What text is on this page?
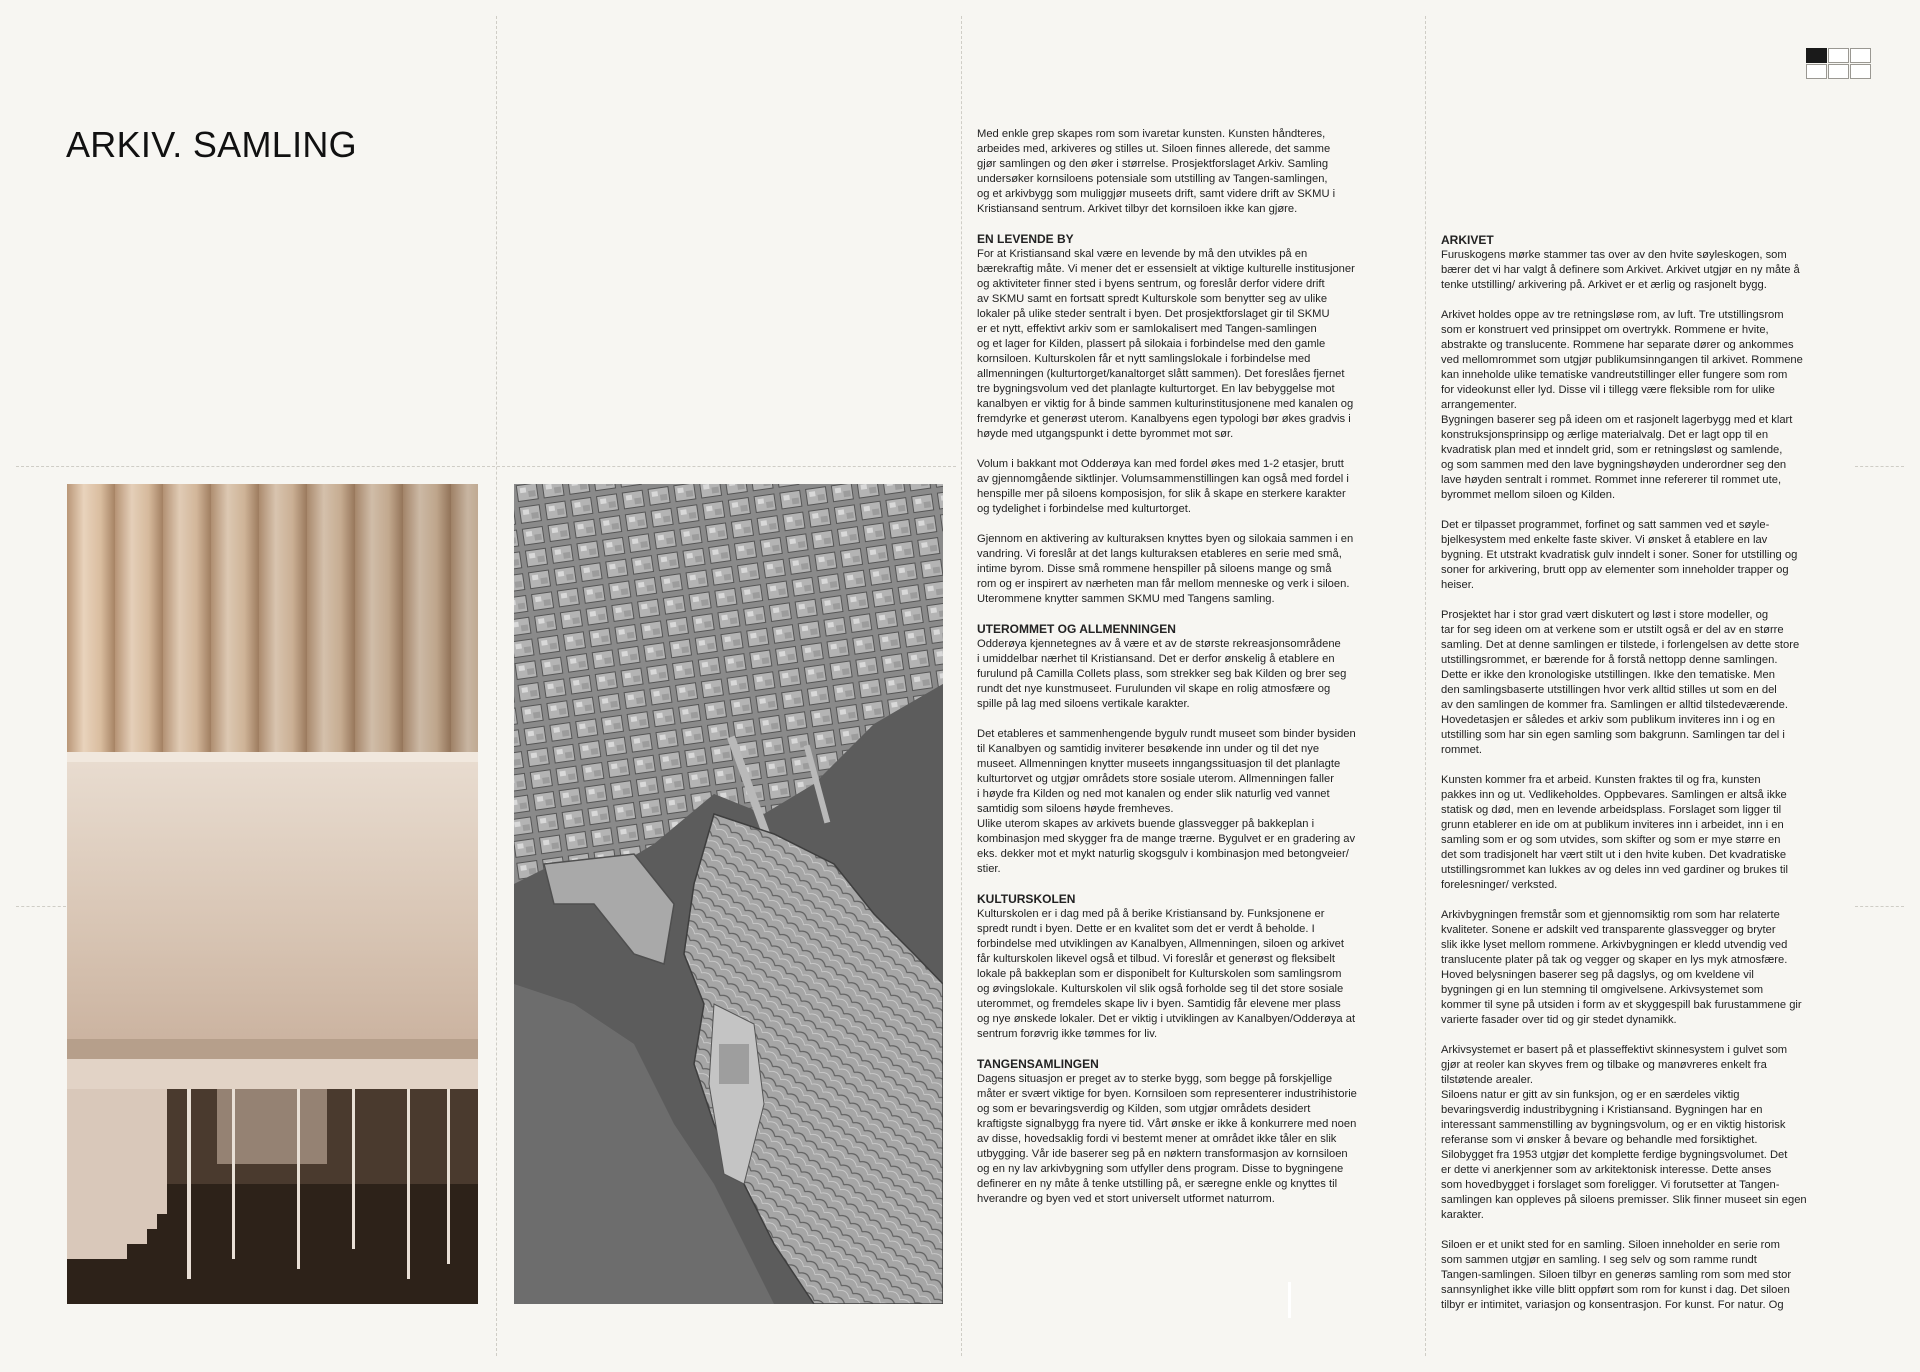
ARKIV. SAMLING	Med enkle grep skapes rom som ivaretar kunsten. Kunsten håndteres,
arbeides med, arkiveres og stilles ut. Siloen finnes allerede, det samme
gjør samlingen og den øker i størrelse. Prosjektforslaget Arkiv. Samling
undersøker kornsiloens potensiale som utstilling av Tangen-samlingen,
og et arkivbygg som muliggjør museets drift, samt videre drift av SKMU i
Kristiansand sentrum. Arkivet tilbyr det kornsiloen ikke kan gjøre.

EN LEVENDE BY

For at Kristiansand skal være en levende by må den utvikles på en
bærekraftig måte. Vi mener det er essensielt at viktige kulturelle institusjoner
og aktiviteter finner sted i byens sentrum, og foreslår derfor videre drift
av SKMU samt en fortsatt spredt Kulturskole som benytter seg av ulike
lokaler på ulike steder sentralt i byen. Det prosjektforslaget gir til SKMU
er et nytt, effektivt arkiv som er samlokalisert med Tangen-samlingen
og et lager for Kilden, plassert på silokaia i forbindelse med den gamle
kornsiloen. Kulturskolen får et nytt samlingslokale i forbindelse med
allmenningen (kulturtorget/kanaltorget slått sammen). Det foreslåes fjernet
tre bygningsvolum ved det planlagte kulturtorget. En lav bebyggelse mot
kanalbyen er viktig for å binde sammen kulturinstitusjonene med kanalen og
fremdyrke et generøst uterom. Kanalbyens egen typologi bør økes gradvis i
høyde med utgangspunkt i dette byrommet mot sør.

Volum i bakkant mot Odderøya kan med fordel økes med 1-2 etasjer, brutt
av gjennomgående siktlinjer. Volumsammenstillingen kan også med fordel i
henspille mer på siloens komposisjon, for slik å skape en sterkere karakter
og tydelighet i forbindelse med kulturtorget.

Gjennom en aktivering av kulturaksen knyttes byen og silokaia sammen i en
vandring. Vi foreslår at det langs kulturaksen etableres en serie med små,
intime byrom. Disse små rommene henspiller på siloens mange og små
rom og er inspirert av nærheten man får mellom menneske og verk i siloen.
Uterommene knytter sammen SKMU med Tangens samling.

UTEROMMET OG ALLMENNINGEN

Odderøya kjennetegnes av å være et av de største rekreasjonsområdene
i umiddelbar nærhet til Kristiansand. Det er derfor ønskelig å etablere en
furulund på Camilla Collets plass, som strekker seg bak Kilden og brer seg
rundt det nye kunstmuseet. Furulunden vil skape en rolig atmosfære og
spille på lag med siloens vertikale karakter.

Det etableres et sammenhengende bygulv rundt museet som binder bysiden
til Kanalbyen og samtidig inviterer besøkende inn under og til det nye
museet. Allmenningen knytter museets inngangssituasjon til det planlagte
kulturtorvet og utgjør områdets store sosiale uterom. Allmenningen faller
i høyde fra Kilden og ned mot kanalen og ender slik naturlig ved vannet
samtidig som siloens høyde fremheves.
Ulike uterom skapes av arkivets buende glassvegger på bakkeplan i
kombinasjon med skygger fra de mange trærne. Bygulvet er en gradering av
eks. dekker mot et mykt naturlig skogsgulv i kombinasjon med betongveier/
stier.

KULTURSKOLEN

Kulturskolen er i dag med på å berike Kristiansand by. Funksjonene er
spredt rundt i byen. Dette er en kvalitet som det er verdt å beholde. I
forbindelse med utviklingen av Kanalbyen, Allmenningen, siloen og arkivet
får kulturskolen likevel også et tilbud. Vi foreslår et generøst og fleksibelt
lokale på bakkeplan som er disponibelt for Kulturskolen som samlingsrom
og øvingslokale. Kulturskolen vil slik også forholde seg til det store sosiale
uterommet, og fremdeles skape liv i byen. Samtidig får elevene mer plass
og nye ønskede lokaler. Det er viktig i utviklingen av Kanalbyen/Odderøya at
sentrum forøvrig ikke tømmes for liv.

TANGENSAMLINGEN

Dagens situasjon er preget av to sterke bygg, som begge på forskjellige
måter er svært viktige for byen. Kornsiloen som representerer industrihistorie
og som er bevaringsverdig og Kilden, som utgjør områdets desidert
kraftigste signalbygg fra nyere tid. Vårt ønske er ikke å konkurrere med noen
av disse, hovedsaklig fordi vi bestemt mener at området ikke tåler en slik
utbygging. Vår ide baserer seg på en nøktern transformasjon av kornsiloen
og en ny lav arkivbygning som utfyller dens program. Disse to bygningene
definerer en ny måte å tenke utstilling på, er særegne enkle og knyttes til
hverandre og byen ved et stort universelt utformet naturrom.

ARKIVET

Furuskogens mørke stammer tas over av den hvite søyleskogen, som
bærer det vi har valgt å definere som Arkivet. Arkivet utgjør en ny måte å
tenke utstilling/ arkivering på. Arkivet er et ærlig og rasjonelt bygg.

Arkivet holdes oppe av tre retningsløse rom, av luft. Tre utstillingsrom
som er konstruert ved prinsippet om overtrykk. Rommene er hvite,
abstrakte og translucente. Rommene har separate dører og ankommes
ved mellomrommet som utgjør publikumsinngangen til arkivet. Rommene
kan inneholde ulike tematiske vandreutstillinger eller fungere som rom
for videokunst eller lyd. Disse vil i tillegg være fleksible rom for ulike
arrangementer.
Bygningen baserer seg på ideen om et rasjonelt lagerbygg med et klart
konstruksjonsprinsipp og ærlige materialvalg. Det er lagt opp til en
kvadratisk plan med et inndelt grid, som er retningsløst og samlende,
og som sammen med den lave bygningshøyden underordner seg den
lave høyden sentralt i rommet. Rommet inne refererer til rommet ute,
byrommet mellom siloen og Kilden.

Det er tilpasset programmet, forfinet og satt sammen ved et søyle-
bjelkesystem med enkelte faste skiver. Vi ønsket å etablere en lav
bygning. Et utstrakt kvadratisk gulv inndelt i soner. Soner for utstilling og
soner for arkivering, brutt opp av elementer som inneholder trapper og
heiser.

Prosjektet har i stor grad vært diskutert og løst i store modeller, og
tar for seg ideen om at verkene som er utstilt også er del av en større
samling. Det at denne samlingen er tilstede, i forlengelsen av dette store
utstillingsrommet, er bærende for å forstå nettopp denne samlingen.
Dette er ikke den kronologiske utstillingen. Ikke den tematiske. Men
den samlingsbaserte utstillingen hvor verk alltid stilles ut som en del
av den samlingen de kommer fra. Samlingen er alltid tilstedeværende.
Hovedetasjen er således et arkiv som publikum inviteres inn i og en
utstilling som har sin egen samling som bakgrunn. Samlingen tar del i
rommet.

Kunsten kommer fra et arbeid. Kunsten fraktes til og fra, kunsten
pakkes inn og ut. Vedlikeholdes. Oppbevares. Samlingen er altså ikke
statisk og død, men en levende arbeidsplass. Forslaget som ligger til
grunn etablerer en ide om at publikum inviteres inn i arbeidet, inn i en
samling som er og som utvides, som skifter og som er mye større en
det som tradisjonelt har vært stilt ut i den hvite kuben. Det kvadratiske
utstillingsrommet kan lukkes av og deles inn ved gardiner og brukes til
forelesninger/ verksted.

Arkivbygningen fremstår som et gjennomsiktig rom som har relaterte
kvaliteter. Sonene er adskilt ved transparente glassvegger og bryter
slik ikke lyset mellom rommene. Arkivbygningen er kledd utvendig ved
translucente plater på tak og vegger og skaper en lys myk atmosfære.
Hoved belysningen baserer seg på dagslys, og om kveldene vil
bygningen gi en lun stemning til omgivelsene. Arkivsystemet som
kommer til syne på utsiden i form av et skyggespill bak furustammene gir
varierte fasader over tid og gir stedet dynamikk.

Arkivsystemet er basert på et plasseffektivt skinnesystem i gulvet som
gjør at reoler kan skyves frem og tilbake og manøvreres enkelt fra
tilstøtende arealer.
Siloens natur er gitt av sin funksjon, og er en særdeles viktig
bevaringsverdig industribygning i Kristiansand. Bygningen har en
interessant sammenstilling av bygningsvolum, og er en viktig historisk
referanse som vi ønsker å bevare og behandle med forsiktighet.
Silobygget fra 1953 utgjør det komplette ferdige bygningsvolumet. Det
er dette vi anerkjenner som av arkitektonisk interesse. Dette anses
som hovedbygget i forslaget som foreligger. Vi forutsetter at Tangen-
samlingen kan oppleves på siloens premisser. Slik finner museet sin egen
karakter.

Siloen er et unikt sted for en samling. Siloen inneholder en serie rom
som sammen utgjør en samling. I seg selv og som ramme rundt
Tangen-samlingen. Siloen tilbyr en generøs samling rom som med stor
sannsynlighet ikke ville blitt oppført som rom for kunst i dag. Det siloen
tilbyr er intimitet, variasjon og konsentrasjon. For kunst. For natur. Og
